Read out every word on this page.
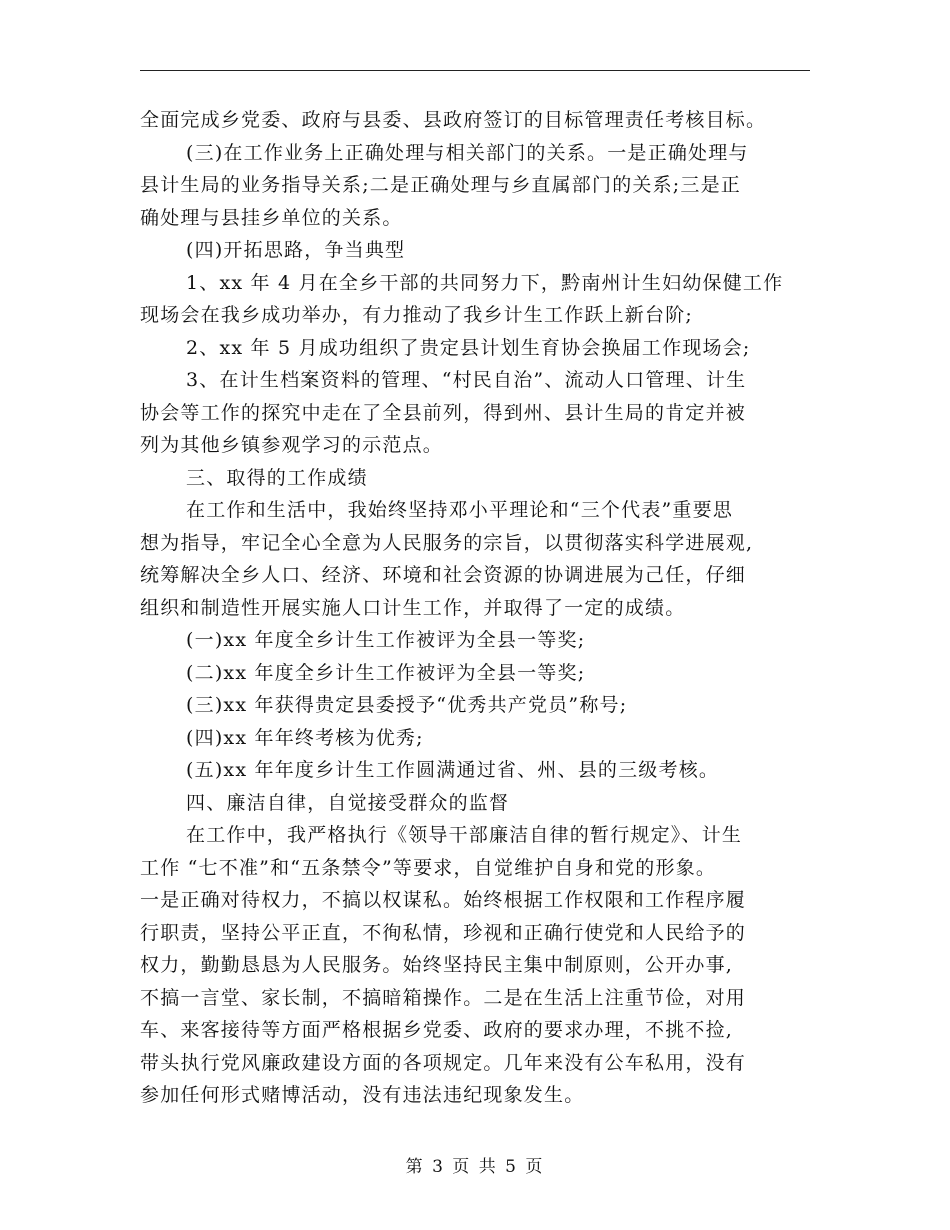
全面完成乡党委、政府与县委、县政府签订的目标管理责任考核目标。
(三)在工作业务上正确处理与相关部门的关系。一是正确处理与
县计生局的业务指导关系;二是正确处理与乡直属部门的关系;三是正
确处理与县挂乡单位的关系。
(四)开拓思路，争当典型
1、xx 年 4 月在全乡干部的共同努力下，黔南州计生妇幼保健工作
现场会在我乡成功举办，有力推动了我乡计生工作跃上新台阶;
2、xx 年 5 月成功组织了贵定县计划生育协会换届工作现场会;
3、在计生档案资料的管理、“村民自治”、流动人口管理、计生
协会等工作的探究中走在了全县前列，得到州、县计生局的肯定并被
列为其他乡镇参观学习的示范点。
三、取得的工作成绩
在工作和生活中，我始终坚持邓小平理论和“三个代表”重要思
想为指导，牢记全心全意为人民服务的宗旨，以贯彻落实科学进展观,
统筹解决全乡人口、经济、环境和社会资源的协调进展为己任，仔细
组织和制造性开展实施人口计生工作，并取得了一定的成绩。
(一)xx 年度全乡计生工作被评为全县一等奖;
(二)xx 年度全乡计生工作被评为全县一等奖;
(三)xx 年获得贵定县委授予“优秀共产党员”称号;
(四)xx 年年终考核为优秀;
(五)xx 年年度乡计生工作圆满通过省、州、县的三级考核。
四、廉洁自律，自觉接受群众的监督
在工作中，我严格执行《领导干部廉洁自律的暂行规定》、计生
工作 “七不准”和“五条禁令”等要求，自觉维护自身和党的形象。
一是正确对待权力，不搞以权谋私。始终根据工作权限和工作程序履
行职责，坚持公平正直，不徇私情，珍视和正确行使党和人民给予的
权力，勤勤恳恳为人民服务。始终坚持民主集中制原则，公开办事,
不搞一言堂、家长制，不搞暗箱操作。二是在生活上注重节俭，对用
车、来客接待等方面严格根据乡党委、政府的要求办理，不挑不捡,
带头执行党风廉政建设方面的各项规定。几年来没有公车私用，没有
参加任何形式赌博活动，没有违法违纪现象发生。
第 3 页 共 5 页
